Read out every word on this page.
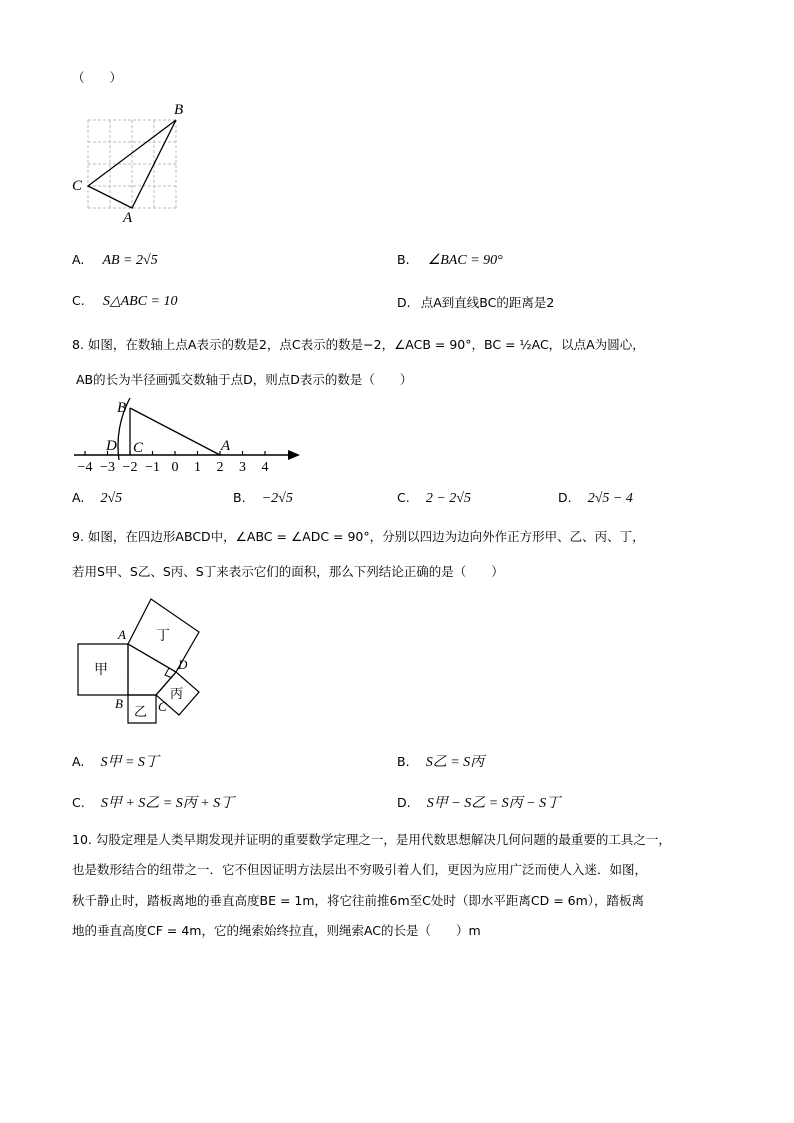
（　　）
B
C
A
A. AB = 2√5	B. ∠BAC = 90°
C. S△ABC = 10	D. 点A到直线BC的距离是2
8. 如图，在数轴上点A表示的数是2，点C表示的数是−2，∠ACB = 90°，BC = ½AC，以点A为圆心，
AB的长为半径画弧交数轴于点D，则点D表示的数是（　　）
−4 −3 −2 −1 0 1 2 3 4
B
D C	A
A. 2√5	B. −2√5	C. 2 − 2√5	D. 2√5 − 4
9. 如图，在四边形ABCD中，∠ABC = ∠ADC = 90°，分别以四边为边向外作正方形甲、乙、丙、丁，
若用S甲、S乙、S丙、S丁来表示它们的面积，那么下列结论正确的是（　　）
甲
乙
丙
丁
A
B	C
D
A. S甲 = S丁	B. S乙 = S丙
C. S甲 + S乙 = S丙 + S丁	D. S甲 − S乙 = S丙 − S丁
10. 勾股定理是人类早期发现并证明的重要数学定理之一，是用代数思想解决几何问题的最重要的工具之一，
也是数形结合的纽带之一．它不但因证明方法层出不穷吸引着人们，更因为应用广泛而使人入迷．如图，
秋千静止时，踏板离地的垂直高度BE = 1m，将它往前推6m至C处时（即水平距离CD = 6m），踏板离
地的垂直高度CF = 4m，它的绳索始终拉直，则绳索AC的长是（　　）m
